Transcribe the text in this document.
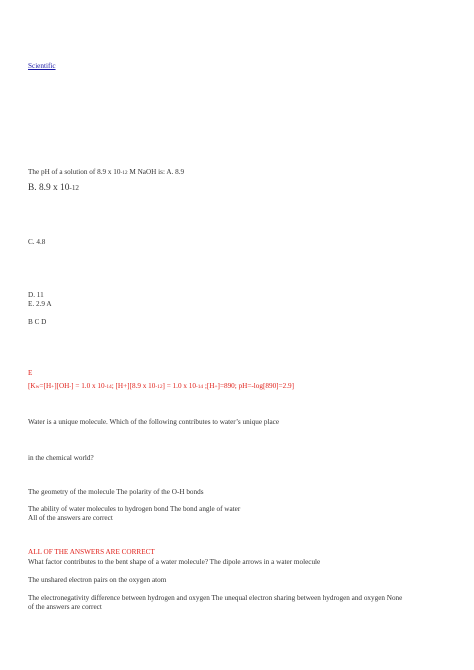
Scientific
The pH of a solution of 8.9 x 10-12 M NaOH is: A. 8.9
B. 8.9 x 10-12
C. 4.8
D. 11
E. 2.9 A
B C D
E
[Kw=[H+][OH-] = 1.0 x 10-14; [H+][8.9 x 10-12] = 1.0 x 10-14 ;[H+]=890; pH=-log[890]=2.9]
Water is a unique molecule. Which of the following contributes to water’s unique place
in the chemical world?
The geometry of the molecule The polarity of the O-H bonds
The ability of water molecules to hydrogen bond The bond angle of water
All of the answers are correct
ALL OF THE ANSWERS ARE CORRECT
What factor contributes to the bent shape of a water molecule? The dipole arrows in a water molecule
The unshared electron pairs on the oxygen atom
The electronegativity difference between hydrogen and oxygen The unequal electron sharing between hydrogen and oxygen None
of the answers are correct
